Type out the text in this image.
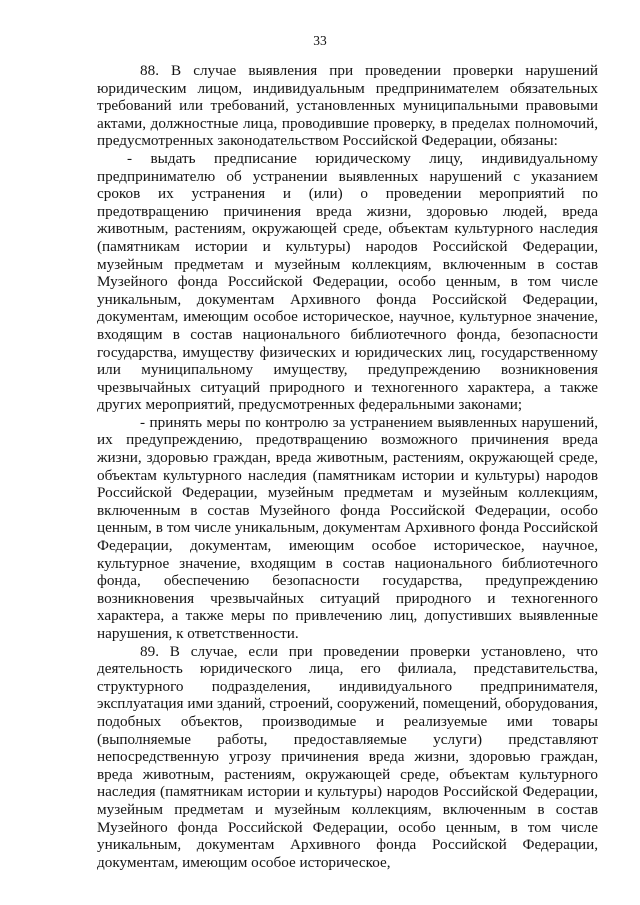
33

88. В случае выявления при проведении проверки нарушений юридическим лицом, индивидуальным предпринимателем обязательных требований или требований, установленных муниципальными правовыми актами, должностные лица, проводившие проверку, в пределах полномочий, предусмотренных законодательством Российской Федерации, обязаны:

- выдать предписание юридическому лицу, индивидуальному предпринимателю об устранении выявленных нарушений с указанием сроков их устранения и (или) о проведении мероприятий по предотвращению причинения вреда жизни, здоровью людей, вреда животным, растениям, окружающей среде, объектам культурного наследия (памятникам истории и культуры) народов Российской Федерации, музейным предметам и музейным коллекциям, включенным в состав Музейного фонда Российской Федерации, особо ценным, в том числе уникальным, документам Архивного фонда Российской Федерации, документам, имеющим особое историческое, научное, культурное значение, входящим в состав национального библиотечного фонда, безопасности государства, имуществу физических и юридических лиц, государственному или муниципальному имуществу, предупреждению возникновения чрезвычайных ситуаций природного и техногенного характера, а также других мероприятий, предусмотренных федеральными законами;

- принять меры по контролю за устранением выявленных нарушений, их предупреждению, предотвращению возможного причинения вреда жизни, здоровью граждан, вреда животным, растениям, окружающей среде, объектам культурного наследия (памятникам истории и культуры) народов Российской Федерации, музейным предметам и музейным коллекциям, включенным в состав Музейного фонда Российской Федерации, особо ценным, в том числе уникальным, документам Архивного фонда Российской Федерации, документам, имеющим особое историческое, научное, культурное значение, входящим в состав национального библиотечного фонда, обеспечению безопасности государства, предупреждению возникновения чрезвычайных ситуаций природного и техногенного характера, а также меры по привлечению лиц, допустивших выявленные нарушения, к ответственности.

89. В случае, если при проведении проверки установлено, что деятельность юридического лица, его филиала, представительства, структурного подразделения, индивидуального предпринимателя, эксплуатация ими зданий, строений, сооружений, помещений, оборудования, подобных объектов, производимые и реализуемые ими товары (выполняемые работы, предоставляемые услуги) представляют непосредственную угрозу причинения вреда жизни, здоровью граждан, вреда животным, растениям, окружающей среде, объектам культурного наследия (памятникам истории и культуры) народов Российской Федерации, музейным предметам и музейным коллекциям, включенным в состав Музейного фонда Российской Федерации, особо ценным, в том числе уникальным, документам Архивного фонда Российской Федерации, документам, имеющим особое историческое,
